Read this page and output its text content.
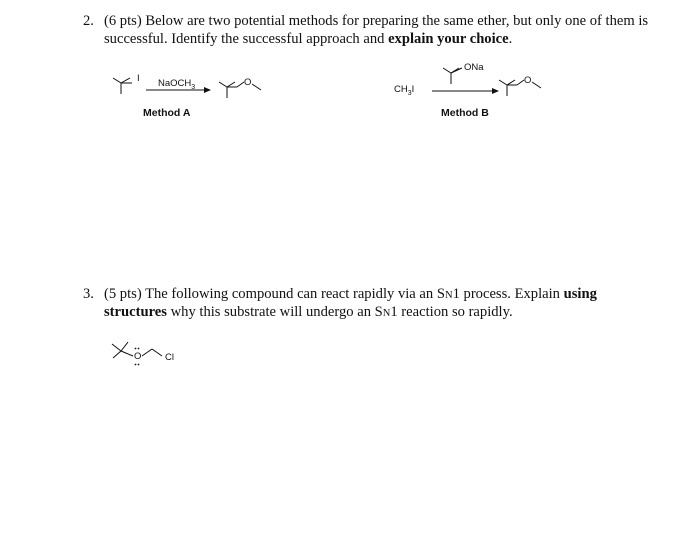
2. (6 pts) Below are two potential methods for preparing the same ether, but only one of them is
successful. Identify the successful approach and explain your choice.
I NaOCH$_3$	O
Method A
$CH_3I$
ONa
O
Method B
3. (5 pts) The following compound can react rapidly via an SN1 process. Explain using
structures why this substrate will undergo an SN1 reaction so rapidly.
O Cl
